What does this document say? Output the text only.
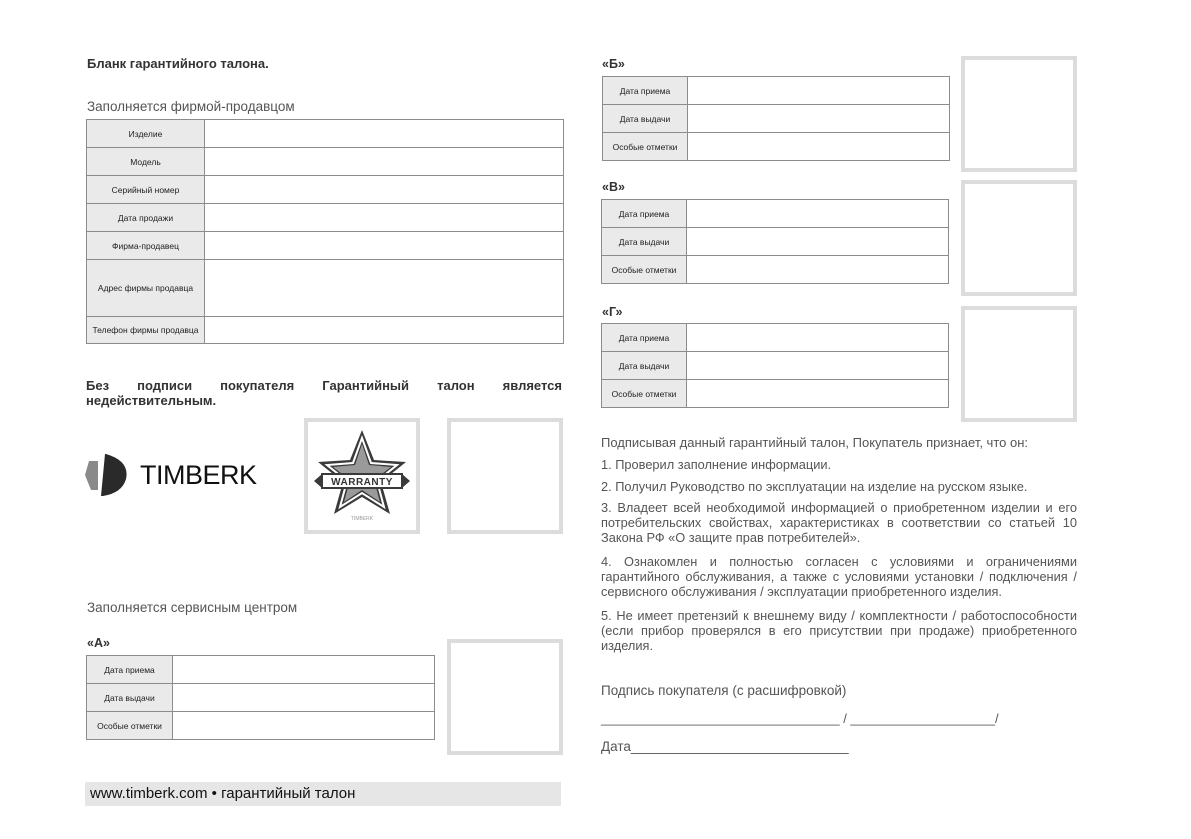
Бланк гарантийного талона.
Заполняется фирмой-продавцом
Изделие	
Модель	
Серийный номер	
Дата продажи	
Фирма-продавец	
Адрес фирмы продавца	
Телефон фирмы продавца	
Без подписи покупателя Гарантийный талон является недействительным.
TIMBERK	WARRANTY
TIMBERK
Заполняется сервисным центром
«А»
Дата приема	
Дата выдачи	
Особые отметки	
www.timberk.com • гарантийный талон
«Б»
Дата приема	
Дата выдачи	
Особые отметки	
«В»
Дата приема	
Дата выдачи	
Особые отметки	
«Г»
Дата приема	
Дата выдачи	
Особые отметки	

Подписывая данный гарантийный талон, Покупатель признает, что он:

1. Проверил заполнение информации.

2. Получил Руководство по эксплуатации на изделие на русском языке.

3. Владеет всей необходимой информацией о приобретенном изделии и его потребительских свойствах, характеристиках в соответствии со статьей 10 Закона РФ «О защите прав потребителей».

4. Ознакомлен и полностью согласен с условиями и ограничениями гарантийного обслуживания, а также с условиями установки / подключения / сервисного обслуживания / эксплуатации приобретенного изделия.

5. Не имеет претензий к внешнему виду / комплектности / работоспособности (если прибор проверялся в его присутствии при продаже) приобретенного изделия.

Подпись покупателя (с расшифровкой)
_________________________________ / ____________________/
Дата_____________________________
